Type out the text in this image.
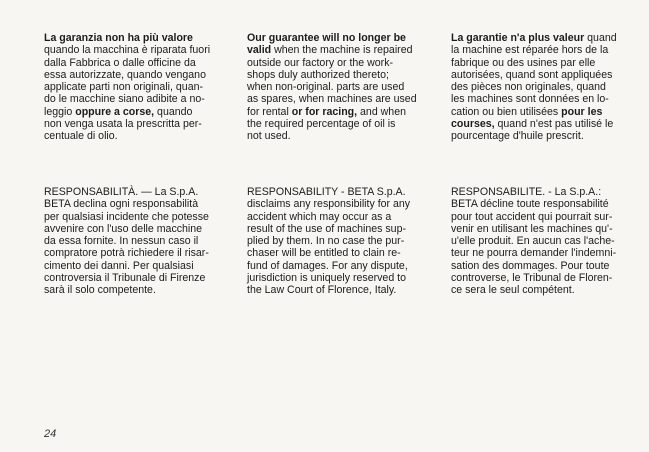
La garanzia non ha più valore
quando la macchina è riparata fuori
dalla Fabbrica o dalle officine da
essa autorizzate, quando vengano
applicate parti non originali, quan-
do le macchine siano adibite a no-
leggio oppure a corse, quando
non venga usata la prescritta per-
centuale di olio.
Our guarantee will no longer be
valid when the machine is repaired
outside our factory or the work-
shops duly authorized thereto;
when non-original. parts are used
as spares, when machines are used
for rental or for racing, and when
the required percentage of oil is
not used.
La garantie n'a plus valeur quand
la machine est réparée hors de la
fabrique ou des usines par elle
autorisées, quand sont appliquées
des pièces non originales, quand
les machines sont données en lo-
cation ou bien utilisées pour les
courses, quand n'est pas utilisé le
pourcentage d'huile prescrit.
RESPONSABILITÀ. — La S.p.A.
BETA declina ogni responsabilità
per qualsiasi incidente che potesse
avvenire con l'uso delle macchine
da essa fornite. In nessun caso il
compratore potrà richiedere il risar-
cimento dei danni. Per qualsiasi
controversia il Tribunale di Firenze
sarà il solo competente.
RESPONSABILITY - BETA S.p.A.
disclaims any responsibility for any
accident which may occur as a
result of the use of machines sup-
plied by them. In no case the pur-
chaser will be entitled to clain re-
fund of damages. For any dispute,
jurisdiction is uniquely reserved to
the Law Court of Florence, Italy.
RESPONSABILITE. - La S.p.A.:
BETA décline toute responsabilité
pour tout accident qui pourrait sur-
venir en utilisant les machines qu'-
u'elle produit. En aucun cas l'ache-
teur ne pourra demander l'indemni-
sation des dommages. Pour toute
controverse, le Tribunal de Floren-
ce sera le seul compétent.
24
